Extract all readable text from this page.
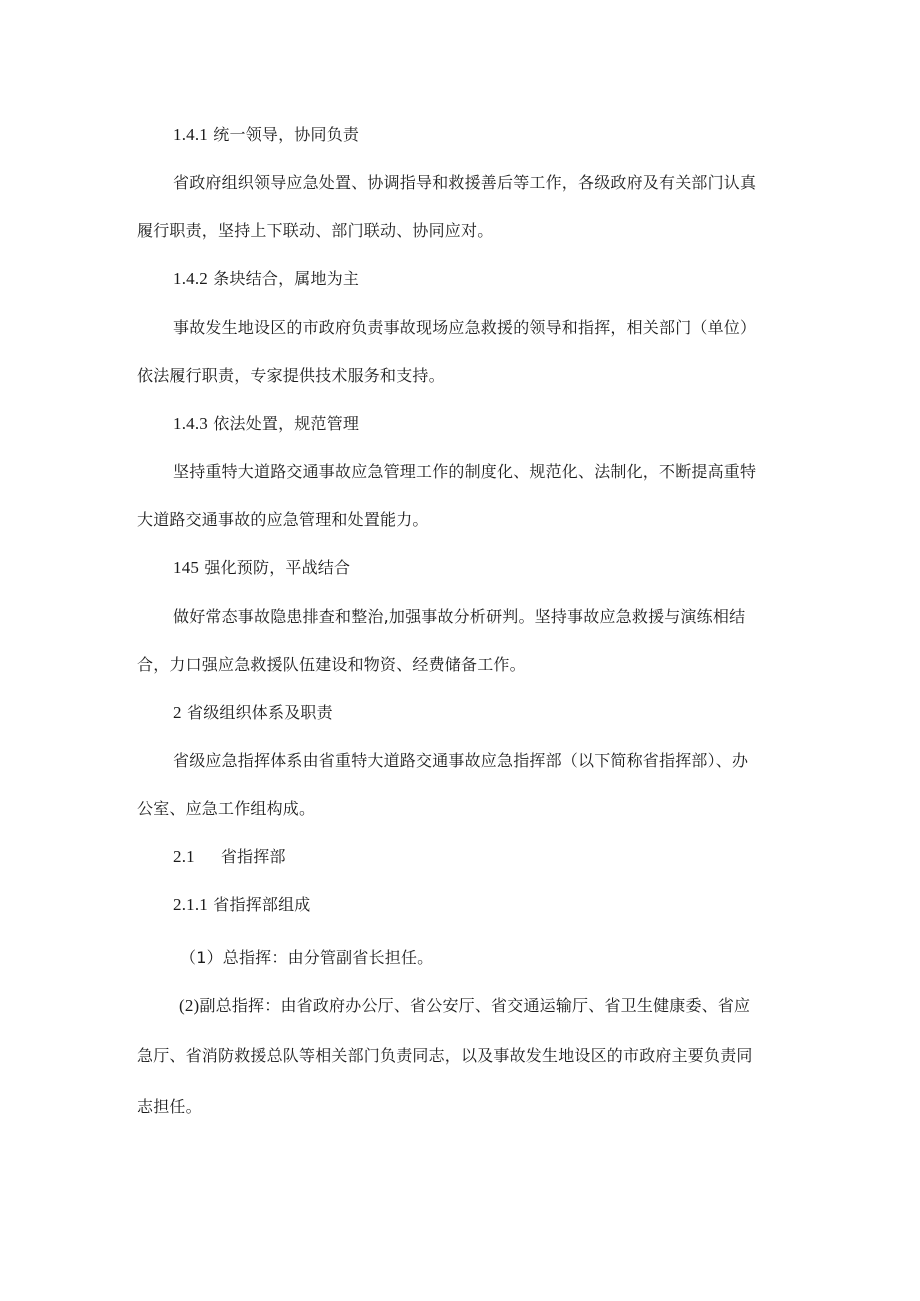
1.4.1 统一领导，协同负责
省政府组织领导应急处置、协调指导和救援善后等工作，各级政府及有关部门认真
履行职责，坚持上下联动、部门联动、协同应对。
1.4.2 条块结合，属地为主
事故发生地设区的市政府负责事故现场应急救援的领导和指挥，相关部门（单位）
依法履行职责，专家提供技术服务和支持。
1.4.3 依法处置，规范管理
坚持重特大道路交通事故应急管理工作的制度化、规范化、法制化，不断提高重特
大道路交通事故的应急管理和处置能力。
145 强化预防，平战结合
做好常态事故隐患排查和整治,加强事故分析研判。坚持事故应急救援与演练相结
合，力口强应急救援队伍建设和物资、经费储备工作。
2 省级组织体系及职责
省级应急指挥体系由省重特大道路交通事故应急指挥部（以下简称省指挥部）、办
公室、应急工作组构成。
2.1 省指挥部
2.1.1 省指挥部组成
（1）总指挥：由分管副省长担任。
(2)副总指挥：由省政府办公厅、省公安厅、省交通运输厅、省卫生健康委、省应
急厅、省消防救援总队等相关部门负责同志，以及事故发生地设区的市政府主要负责同
志担任。
